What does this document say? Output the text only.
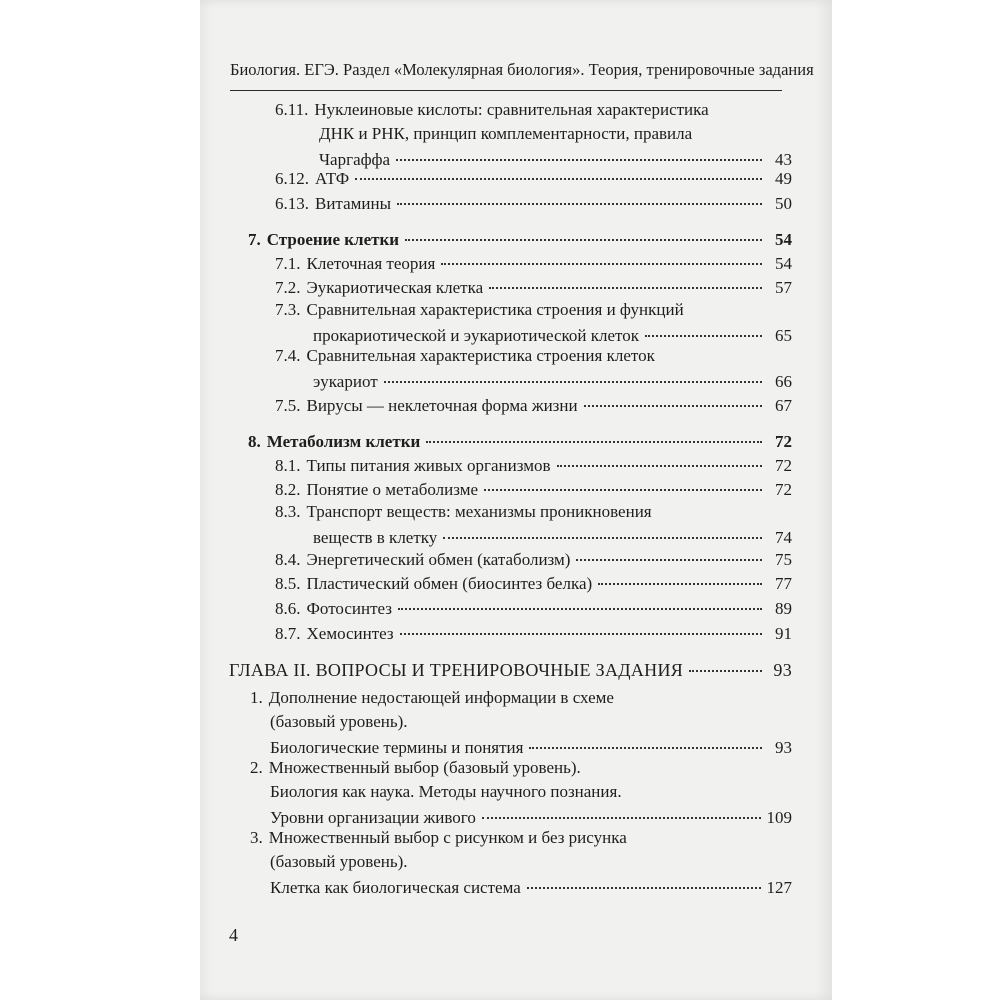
Биология. ЕГЭ. Раздел «Молекулярная биология». Теория, тренировочные задания
6.11. Нуклеиновые кислоты: сравнительная характеристика
ДНК и РНК, принцип комплементарности, правила
Чаргаффа	43
6.12. АТФ	49
6.13. Витамины	50
7. Строение клетки	54
7.1. Клеточная теория	54
7.2. Эукариотическая клетка	57
7.3. Сравнительная характеристика строения и функций
прокариотической и эукариотической клеток	65
7.4. Сравнительная характеристика строения клеток
эукариот	66
7.5. Вирусы — неклеточная форма жизни	67
8. Метаболизм клетки	72
8.1. Типы питания живых организмов	72
8.2. Понятие о метаболизме	72
8.3. Транспорт веществ: механизмы проникновения
веществ в клетку	74
8.4. Энергетический обмен (катаболизм)	75
8.5. Пластический обмен (биосинтез белка)	77
8.6. Фотосинтез	89
8.7. Хемосинтез	91
ГЛАВА II. ВОПРОСЫ И ТРЕНИРОВОЧНЫЕ ЗАДАНИЯ	93
1. Дополнение недостающей информации в схеме
(базовый уровень).
Биологические термины и понятия	93
2. Множественный выбор (базовый уровень).
Биология как наука. Методы научного познания.
Уровни организации живого	109
3. Множественный выбор с рисунком и без рисунка
(базовый уровень).
Клетка как биологическая система	127
4
